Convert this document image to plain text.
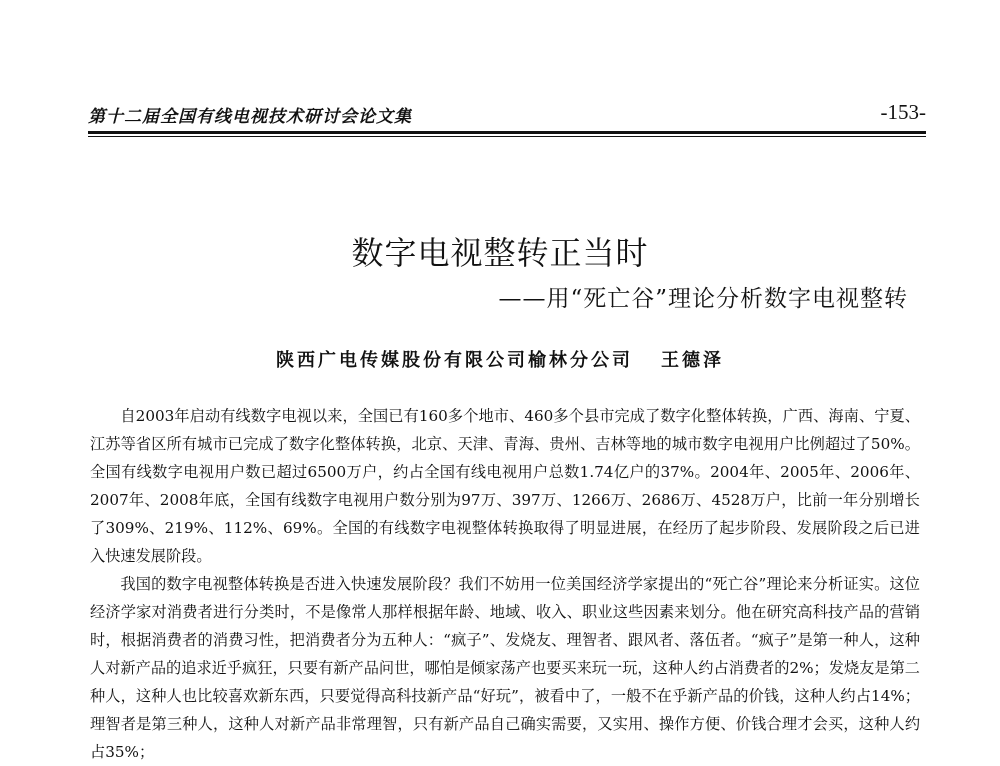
第十二届全国有线电视技术研讨会论文集	-153-
数字电视整转正当时
——用“死亡谷”理论分析数字电视整转
陕西广电传媒股份有限公司榆林分公司 王德泽

自2003年启动有线数字电视以来，全国已有160多个地市、460多个县市完成了数字化整体转换，广西、海南、宁夏、江苏等省区所有城市已完成了数字化整体转换，北京、天津、青海、贵州、吉林等地的城市数字电视用户比例超过了50%。全国有线数字电视用户数已超过6500万户，约占全国有线电视用户总数1.74亿户的37%。2004年、2005年、2006年、2007年、2008年底，全国有线数字电视用户数分别为97万、397万、1266万、2686万、4528万户，比前一年分别增长了309%、219%、112%、69%。全国的有线数字电视整体转换取得了明显进展，在经历了起步阶段、发展阶段之后已进入快速发展阶段。

我国的数字电视整体转换是否进入快速发展阶段？我们不妨用一位美国经济学家提出的“死亡谷”理论来分析证实。这位经济学家对消费者进行分类时，不是像常人那样根据年龄、地域、收入、职业这些因素来划分。他在研究高科技产品的营销时，根据消费者的消费习性，把消费者分为五种人：“疯子”、发烧友、理智者、跟风者、落伍者。“疯子”是第一种人，这种人对新产品的追求近乎疯狂，只要有新产品问世，哪怕是倾家荡产也要买来玩一玩，这种人约占消费者的2%；发烧友是第二种人，这种人也比较喜欢新东西，只要觉得高科技新产品“好玩”，被看中了，一般不在乎新产品的价钱，这种人约占14%；理智者是第三种人，这种人对新产品非常理智，只有新产品自己确实需要，又实用、操作方便、价钱合理才会买，这种人约占35%；
